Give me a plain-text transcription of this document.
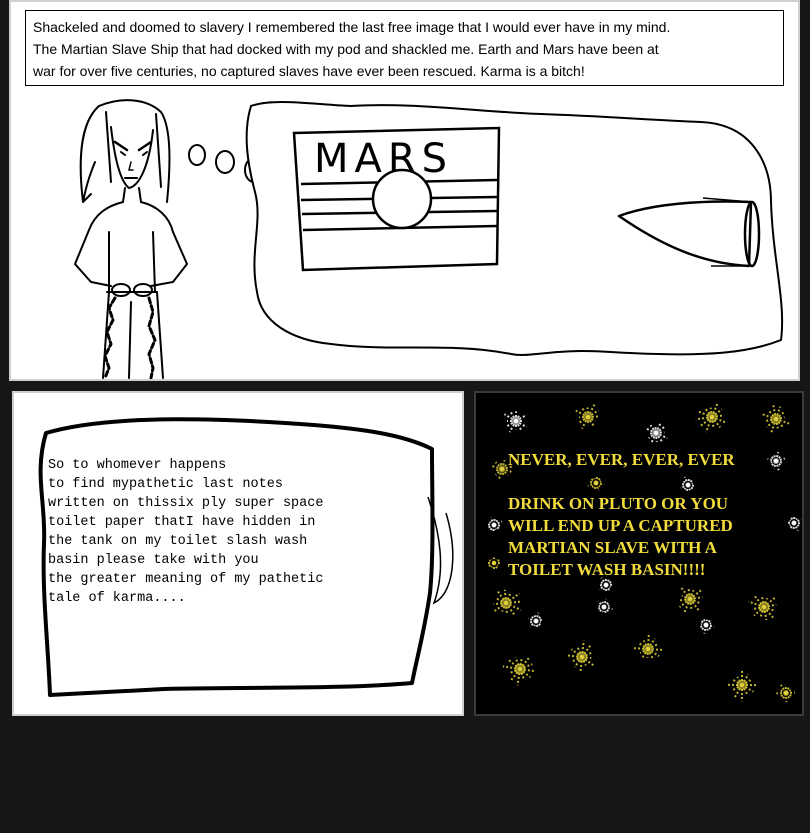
Shackeled and doomed to slavery I remembered the last free image that I would ever have in my mind.
The Martian Slave Ship that had docked with my pod and shackled me. Earth and Mars have been at
war for over five centuries, no captured slaves have ever been rescued. Karma is a bitch!
MARS
So to whomever happens
to find mypathetic last notes
written on thissix ply super space
toilet paper thatI have hidden in
the tank on my toilet slash wash
basin please take with you
the greater meaning of my pathetic
tale of karma....
NEVER, EVER, EVER, EVER
DRINK ON PLUTO OR YOU
WILL END UP A CAPTURED
MARTIAN SLAVE WITH A
TOILET WASH BASIN!!!!
